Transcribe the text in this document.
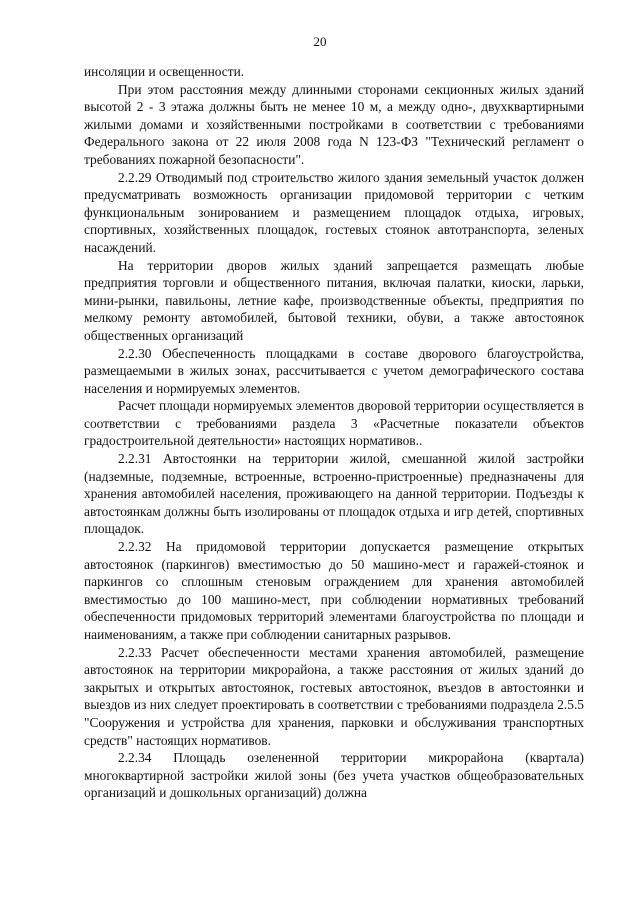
20

инсоляции и освещенности.

При этом расстояния между длинными сторонами секционных жилых зданий высотой 2 - 3 этажа должны быть не менее 10 м, а между одно-, двухквартирными жилыми домами и хозяйственными постройками в соответствии с требованиями Федерального закона от 22 июля 2008 года N 123-ФЗ "Технический регламент о требованиях пожарной безопасности".

2.2.29 Отводимый под строительство жилого здания земельный участок должен предусматривать возможность организации придомовой территории с четким функциональным зонированием и размещением площадок отдыха, игровых, спортивных, хозяйственных площадок, гостевых стоянок автотранспорта, зеленых насаждений.

На территории дворов жилых зданий запрещается размещать любые предприятия торговли и общественного питания, включая палатки, киоски, ларьки, мини-рынки, павильоны, летние кафе, производственные объекты, предприятия по мелкому ремонту автомобилей, бытовой техники, обуви, а также автостоянок общественных организаций

2.2.30 Обеспеченность площадками в составе дворового благоустройства, размещаемыми в жилых зонах, рассчитывается с учетом демографического состава населения и нормируемых элементов.

Расчет площади нормируемых элементов дворовой территории осуществляется в соответствии с требованиями раздела 3 «Расчетные показатели объектов градостроительной деятельности» настоящих нормативов..

2.2.31 Автостоянки на территории жилой, смешанной жилой застройки (надземные, подземные, встроенные, встроенно-пристроенные) предназначены для хранения автомобилей населения, проживающего на данной территории. Подъезды к автостоянкам должны быть изолированы от площадок отдыха и игр детей, спортивных площадок.

2.2.32 На придомовой территории допускается размещение открытых автостоянок (паркингов) вместимостью до 50 машино-мест и гаражей-стоянок и паркингов со сплошным стеновым ограждением для хранения автомобилей вместимостью до 100 машино-мест, при соблюдении нормативных требований обеспеченности придомовых территорий элементами благоустройства по площади и наименованиям, а также при соблюдении санитарных разрывов.

2.2.33 Расчет обеспеченности местами хранения автомобилей, размещение автостоянок на территории микрорайона, а также расстояния от жилых зданий до закрытых и открытых автостоянок, гостевых автостоянок, въездов в автостоянки и выездов из них следует проектировать в соответствии с требованиями подраздела 2.5.5 "Сооружения и устройства для хранения, парковки и обслуживания транспортных средств" настоящих нормативов.

2.2.34 Площадь озелененной территории микрорайона (квартала) многоквартирной застройки жилой зоны (без учета участков общеобразовательных организаций и дошкольных организаций) должна
